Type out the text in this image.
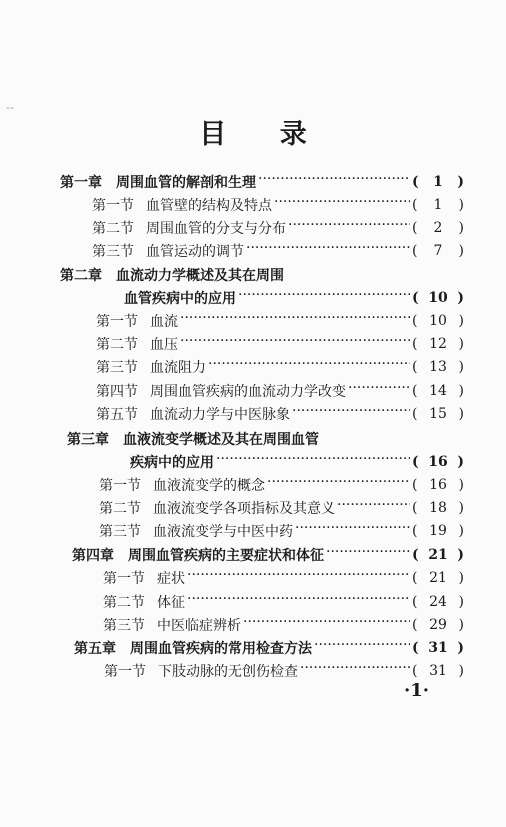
˜˜
目 录
第一章 周围血管的解剖和生理 ·····	( 1 )
第一节 血管壁的结构及特点 ·····	( 1 )
第二节 周围血管的分支与分布 ·····	( 2 )
第三节 血管运动的调节 ·····	( 7 )
第二章 血流动力学概述及其在周围
血管疾病中的应用 ·····	( 10 )
第一节 血流 ·····	( 10 )
第二节 血压 ·····	( 12 )
第三节 血流阻力 ·····	( 13 )
第四节 周围血管疾病的血流动力学改变 ·····	( 14 )
第五节 血流动力学与中医脉象 ·····	( 15 )
第三章 血液流变学概述及其在周围血管
疾病中的应用 ·····	( 16 )
第一节 血液流变学的概念 ·····	( 16 )
第二节 血液流变学各项指标及其意义 ·····	( 18 )
第三节 血液流变学与中医中药 ·····	( 19 )
第四章 周围血管疾病的主要症状和体征 ·····	( 21 )
第一节 症状 ·····	( 21 )
第二节 体征 ·····	( 24 )
第三节 中医临症辨析 ·····	( 29 )
第五章 周围血管疾病的常用检查方法 ·····	( 31 )
第一节 下肢动脉的无创伤检查 ·····	( 31 )
·1·
